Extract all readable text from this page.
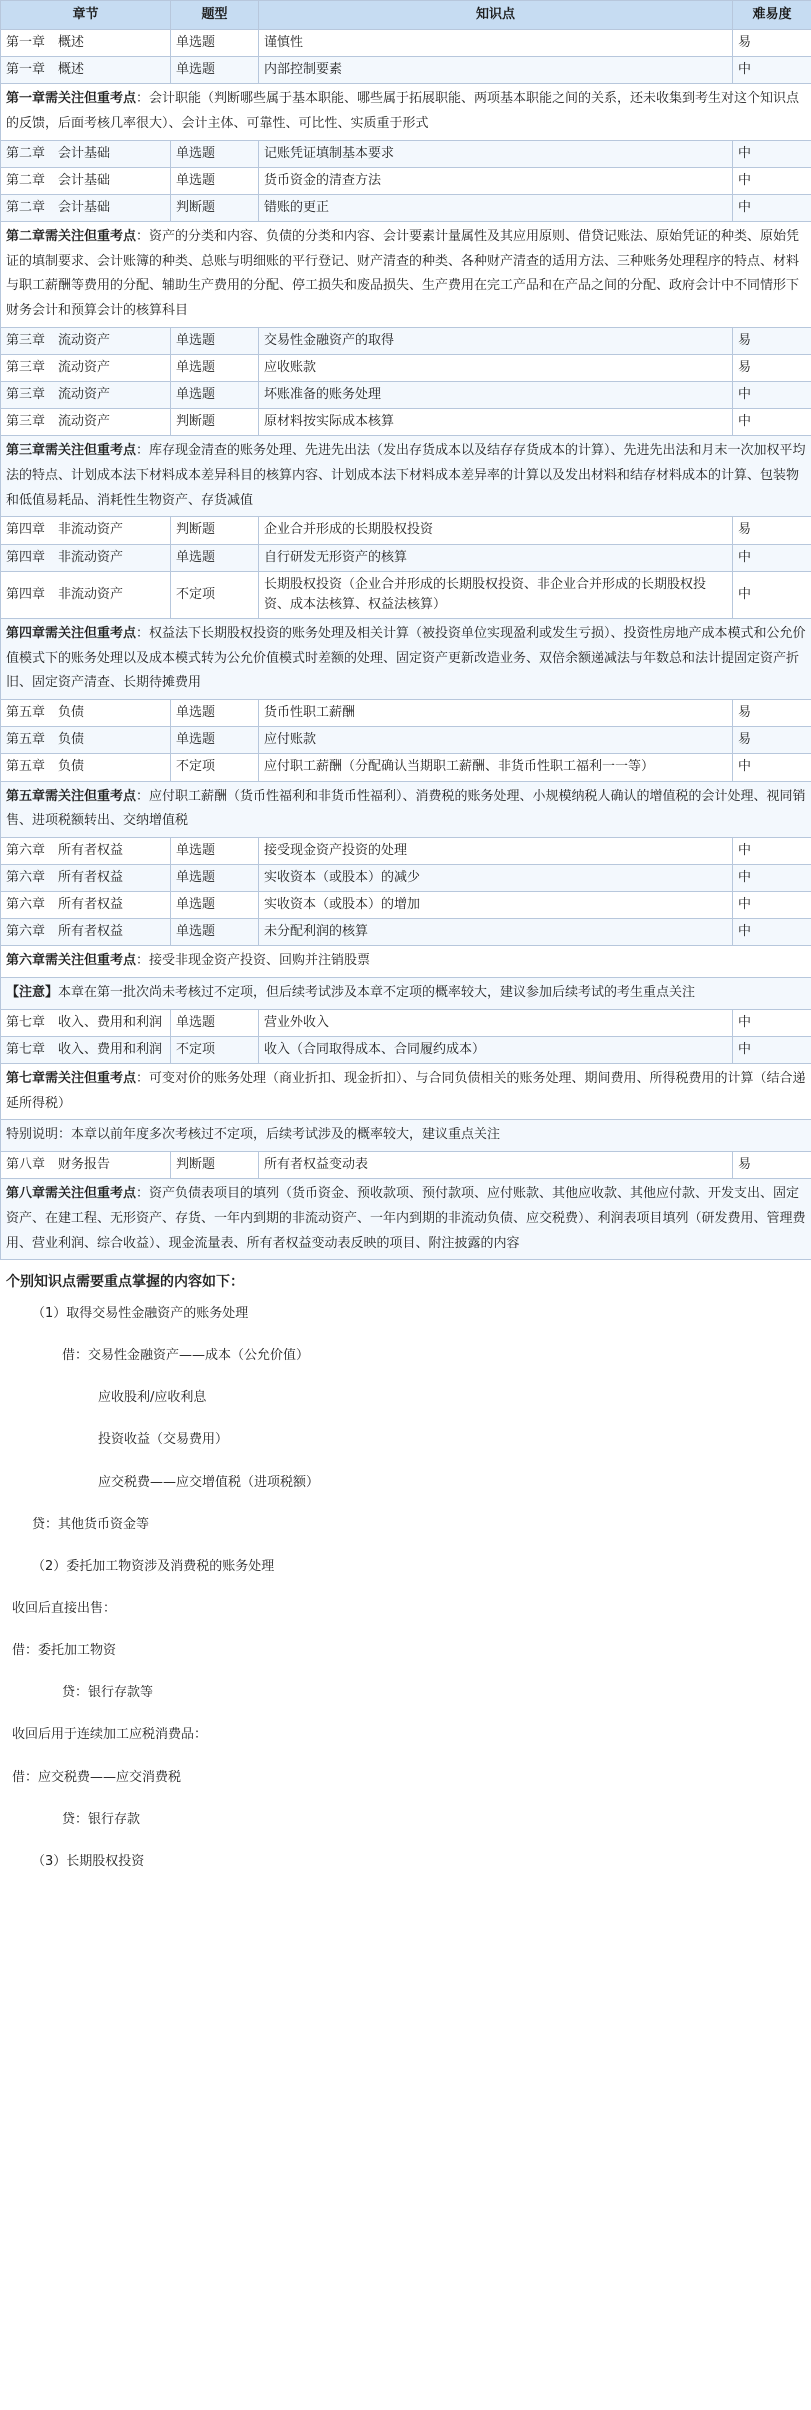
章节	题型	知识点	难易度
第一章　概述	单选题	谨慎性	易
第一章　概述	单选题	内部控制要素	中
第一章需关注但重考点：会计职能（判断哪些属于基本职能、哪些属于拓展职能、两项基本职能之间的关系，还未收集到考生对这个知识点的反馈，后面考核几率很大）、会计主体、可靠性、可比性、实质重于形式			
第二章　会计基础	单选题	记账凭证填制基本要求	中
第二章　会计基础	单选题	货币资金的清查方法	中
第二章　会计基础	判断题	错账的更正	中
第二章需关注但重考点：资产的分类和内容、负债的分类和内容、会计要素计量属性及其应用原则、借贷记账法、原始凭证的种类、原始凭证的填制要求、会计账簿的种类、总账与明细账的平行登记、财产清查的种类、各种财产清查的适用方法、三种账务处理程序的特点、材料与职工薪酬等费用的分配、辅助生产费用的分配、停工损失和废品损失、生产费用在完工产品和在产品之间的分配、政府会计中不同情形下财务会计和预算会计的核算科目			
第三章　流动资产	单选题	交易性金融资产的取得	易
第三章　流动资产	单选题	应收账款	易
第三章　流动资产	单选题	坏账准备的账务处理	中
第三章　流动资产	判断题	原材料按实际成本核算	中
第三章需关注但重考点：库存现金清查的账务处理、先进先出法（发出存货成本以及结存存货成本的计算）、先进先出法和月末一次加权平均法的特点、计划成本法下材料成本差异科目的核算内容、计划成本法下材料成本差异率的计算以及发出材料和结存材料成本的计算、包装物和低值易耗品、消耗性生物资产、存货减值			
第四章　非流动资产	判断题	企业合并形成的长期股权投资	易
第四章　非流动资产	单选题	自行研发无形资产的核算	中
第四章　非流动资产	不定项	长期股权投资（企业合并形成的长期股权投资、非企业合并形成的长期股权投资、成本法核算、权益法核算）	中
第四章需关注但重考点：权益法下长期股权投资的账务处理及相关计算（被投资单位实现盈利或发生亏损）、投资性房地产成本模式和公允价值模式下的账务处理以及成本模式转为公允价值模式时差额的处理、固定资产更新改造业务、双倍余额递减法与年数总和法计提固定资产折旧、固定资产清查、长期待摊费用			
第五章　负债	单选题	货币性职工薪酬	易
第五章　负债	单选题	应付账款	易
第五章　负债	不定项	应付职工薪酬（分配确认当期职工薪酬、非货币性职工福利一一等）	中
第五章需关注但重考点：应付职工薪酬（货币性福利和非货币性福利）、消费税的账务处理、小规模纳税人确认的增值税的会计处理、视同销售、进项税额转出、交纳增值税			
第六章　所有者权益	单选题	接受现金资产投资的处理	中
第六章　所有者权益	单选题	实收资本（或股本）的减少	中
第六章　所有者权益	单选题	实收资本（或股本）的增加	中
第六章　所有者权益	单选题	未分配利润的核算	中
第六章需关注但重考点：接受非现金资产投资、回购并注销股票			
【注意】本章在第一批次尚未考核过不定项，但后续考试涉及本章不定项的概率较大，建议参加后续考试的考生重点关注			
第七章　收入、费用和利润	单选题	营业外收入	中
第七章　收入、费用和利润	不定项	收入（合同取得成本、合同履约成本）	中
第七章需关注但重考点：可变对价的账务处理（商业折扣、现金折扣）、与合同负债相关的账务处理、期间费用、所得税费用的计算（结合递延所得税）			
特别说明：本章以前年度多次考核过不定项，后续考试涉及的概率较大，建议重点关注			
第八章　财务报告	判断题	所有者权益变动表	易
第八章需关注但重考点：资产负债表项目的填列（货币资金、预收款项、预付款项、应付账款、其他应收款、其他应付款、开发支出、固定资产、在建工程、无形资产、存货、一年内到期的非流动资产、一年内到期的非流动负债、应交税费）、利润表项目填列（研发费用、管理费用、营业利润、综合收益）、现金流量表、所有者权益变动表反映的项目、附注披露的内容			
个别知识点需要重点掌握的内容如下：

（1）取得交易性金融资产的账务处理

借：交易性金融资产——成本（公允价值）

应收股利/应收利息

投资收益（交易费用）

应交税费——应交增值税（进项税额）

贷：其他货币资金等

（2）委托加工物资涉及消费税的账务处理

收回后直接出售：

借：委托加工物资

贷：银行存款等

收回后用于连续加工应税消费品：

借：应交税费——应交消费税

贷：银行存款

（3）长期股权投资
